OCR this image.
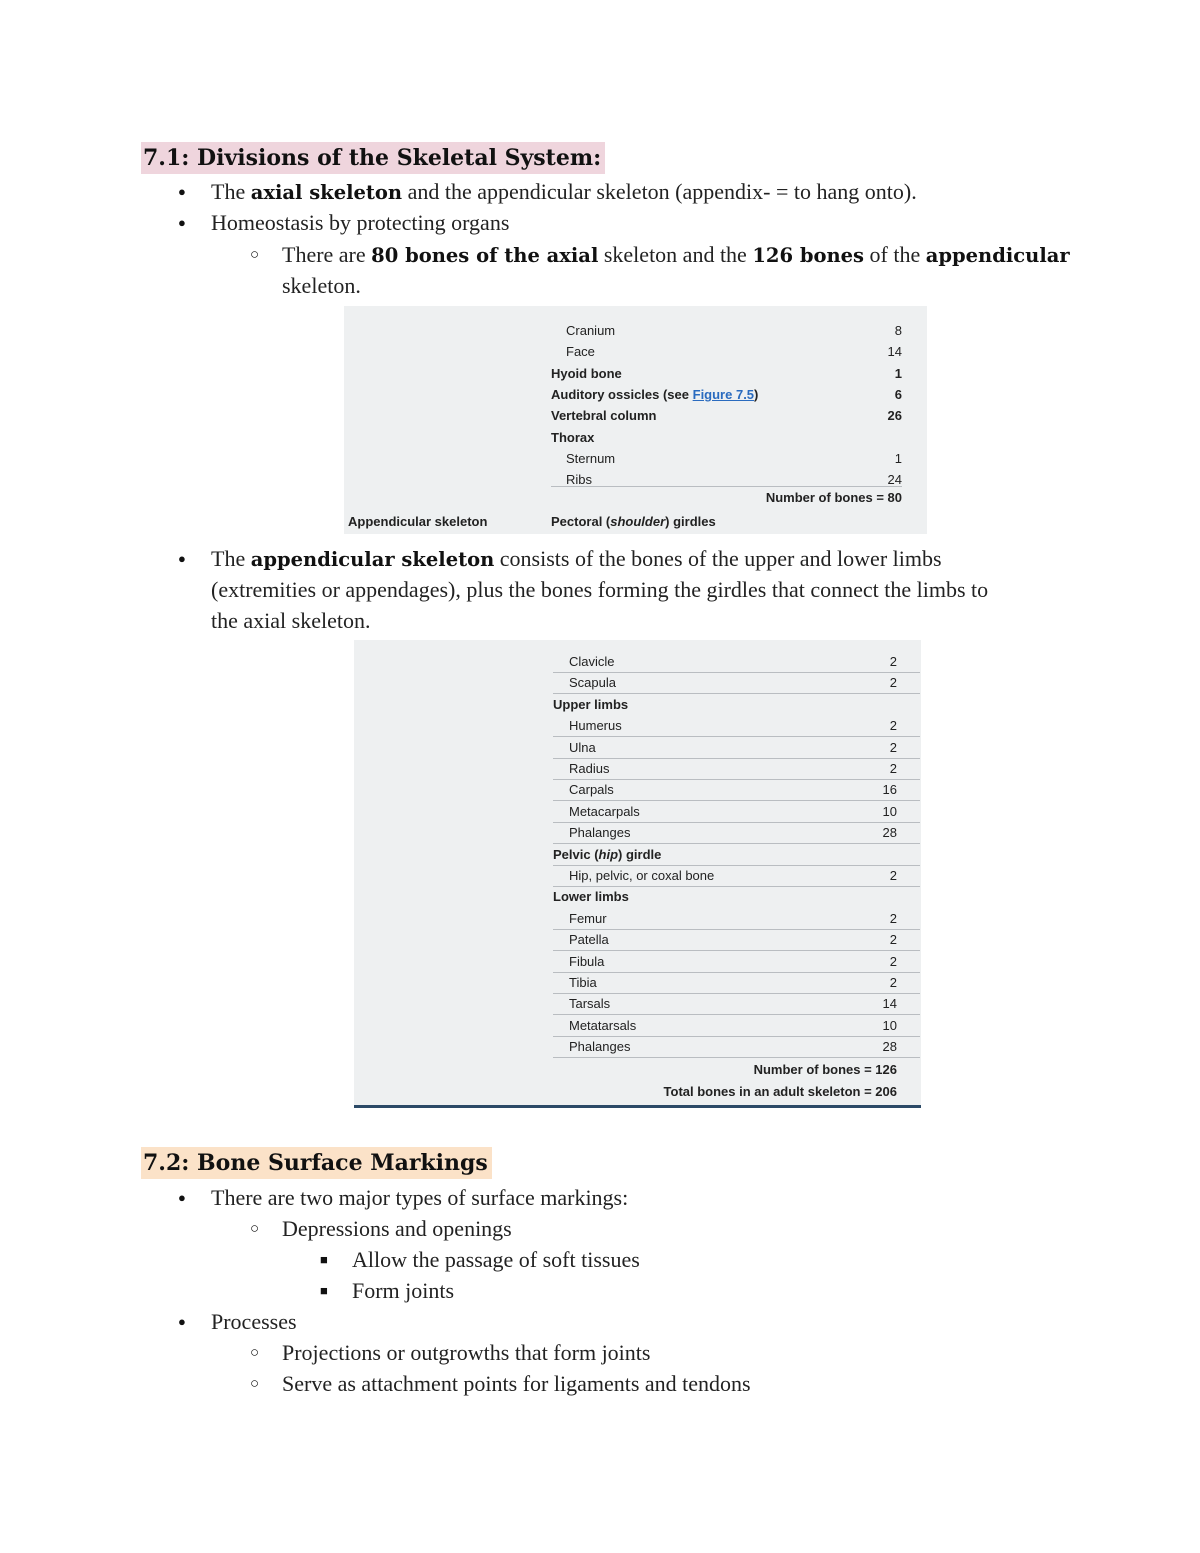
7.1: Divisions of the Skeletal System:
●
The axial skeleton and the appendicular skeleton (appendix- = to hang onto).
●
Homeostasis by protecting organs
○
There are 80 bones of the axial skeleton and the 126 bones of the appendicular
skeleton.
Cranium	8
Face	14
Hyoid bone	1
Auditory ossicles (see Figure 7.5)	6
Vertebral column	26
Thorax
Sternum	1
Ribs	24
Number of bones = 80
Appendicular skeleton	Pectoral (shoulder) girdles
●
The appendicular skeleton consists of the bones of the upper and lower limbs
(extremities or appendages), plus the bones forming the girdles that connect the limbs to
the axial skeleton.
Clavicle	2
Scapula	2
Upper limbs
Humerus	2
Ulna	2
Radius	2
Carpals	16
Metacarpals	10
Phalanges	28
Pelvic (hip) girdle
Hip, pelvic, or coxal bone	2
Lower limbs
Femur	2
Patella	2
Fibula	2
Tibia	2
Tarsals	14
Metatarsals	10
Phalanges	28
Number of bones = 126
Total bones in an adult skeleton = 206
7.2: Bone Surface Markings
●
There are two major types of surface markings:
○
Depressions and openings
■
Allow the passage of soft tissues
■
Form joints
●
Processes
○
Projections or outgrowths that form joints
○
Serve as attachment points for ligaments and tendons
